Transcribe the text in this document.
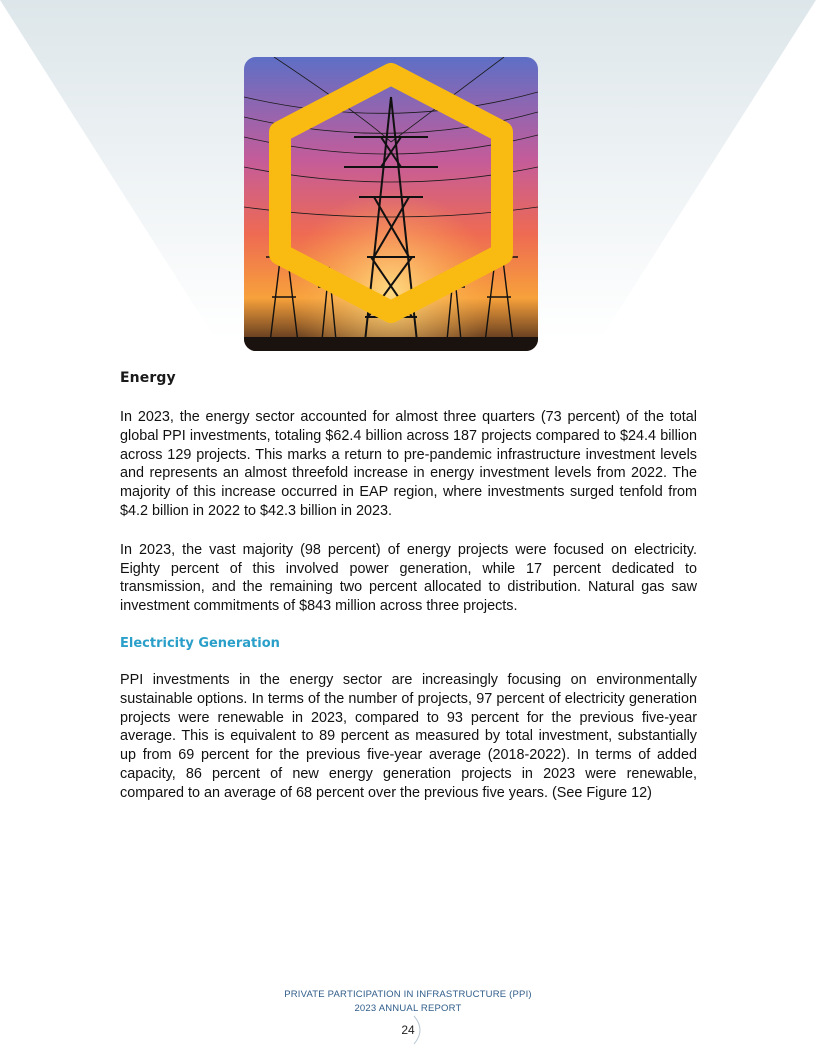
Energy

In 2023, the energy sector accounted for almost three quarters (73 percent) of the total global PPI investments, totaling $62.4 billion across 187 projects compared to $24.4 billion across 129 projects. This marks a return to pre-pandemic infrastructure investment levels and represents an almost threefold increase in energy investment levels from 2022. The majority of this increase occurred in EAP region, where investments surged tenfold from $4.2 billion in 2022 to $42.3 billion in 2023.

In 2023, the vast majority (98 percent) of energy projects were focused on electricity. Eighty percent of this involved power generation, while 17 percent dedicated to transmission, and the remaining two percent allocated to distribution. Natural gas saw investment commitments of $843 million across three projects.

Electricity Generation

PPI investments in the energy sector are increasingly focusing on environmentally sustainable options. In terms of the number of projects, 97 percent of electricity generation projects were renewable in 2023, compared to 93 percent for the previous five-year average. This is equivalent to 89 percent as measured by total investment, substantially up from 69 percent for the previous five-year average (2018-2022). In terms of added capacity, 86 percent of new energy generation projects in 2023 were renewable, compared to an average of 68 percent over the previous five years. (See Figure 12)

PRIVATE PARTICIPATION IN INFRASTRUCTURE (PPI)
2023 ANNUAL REPORT
24
